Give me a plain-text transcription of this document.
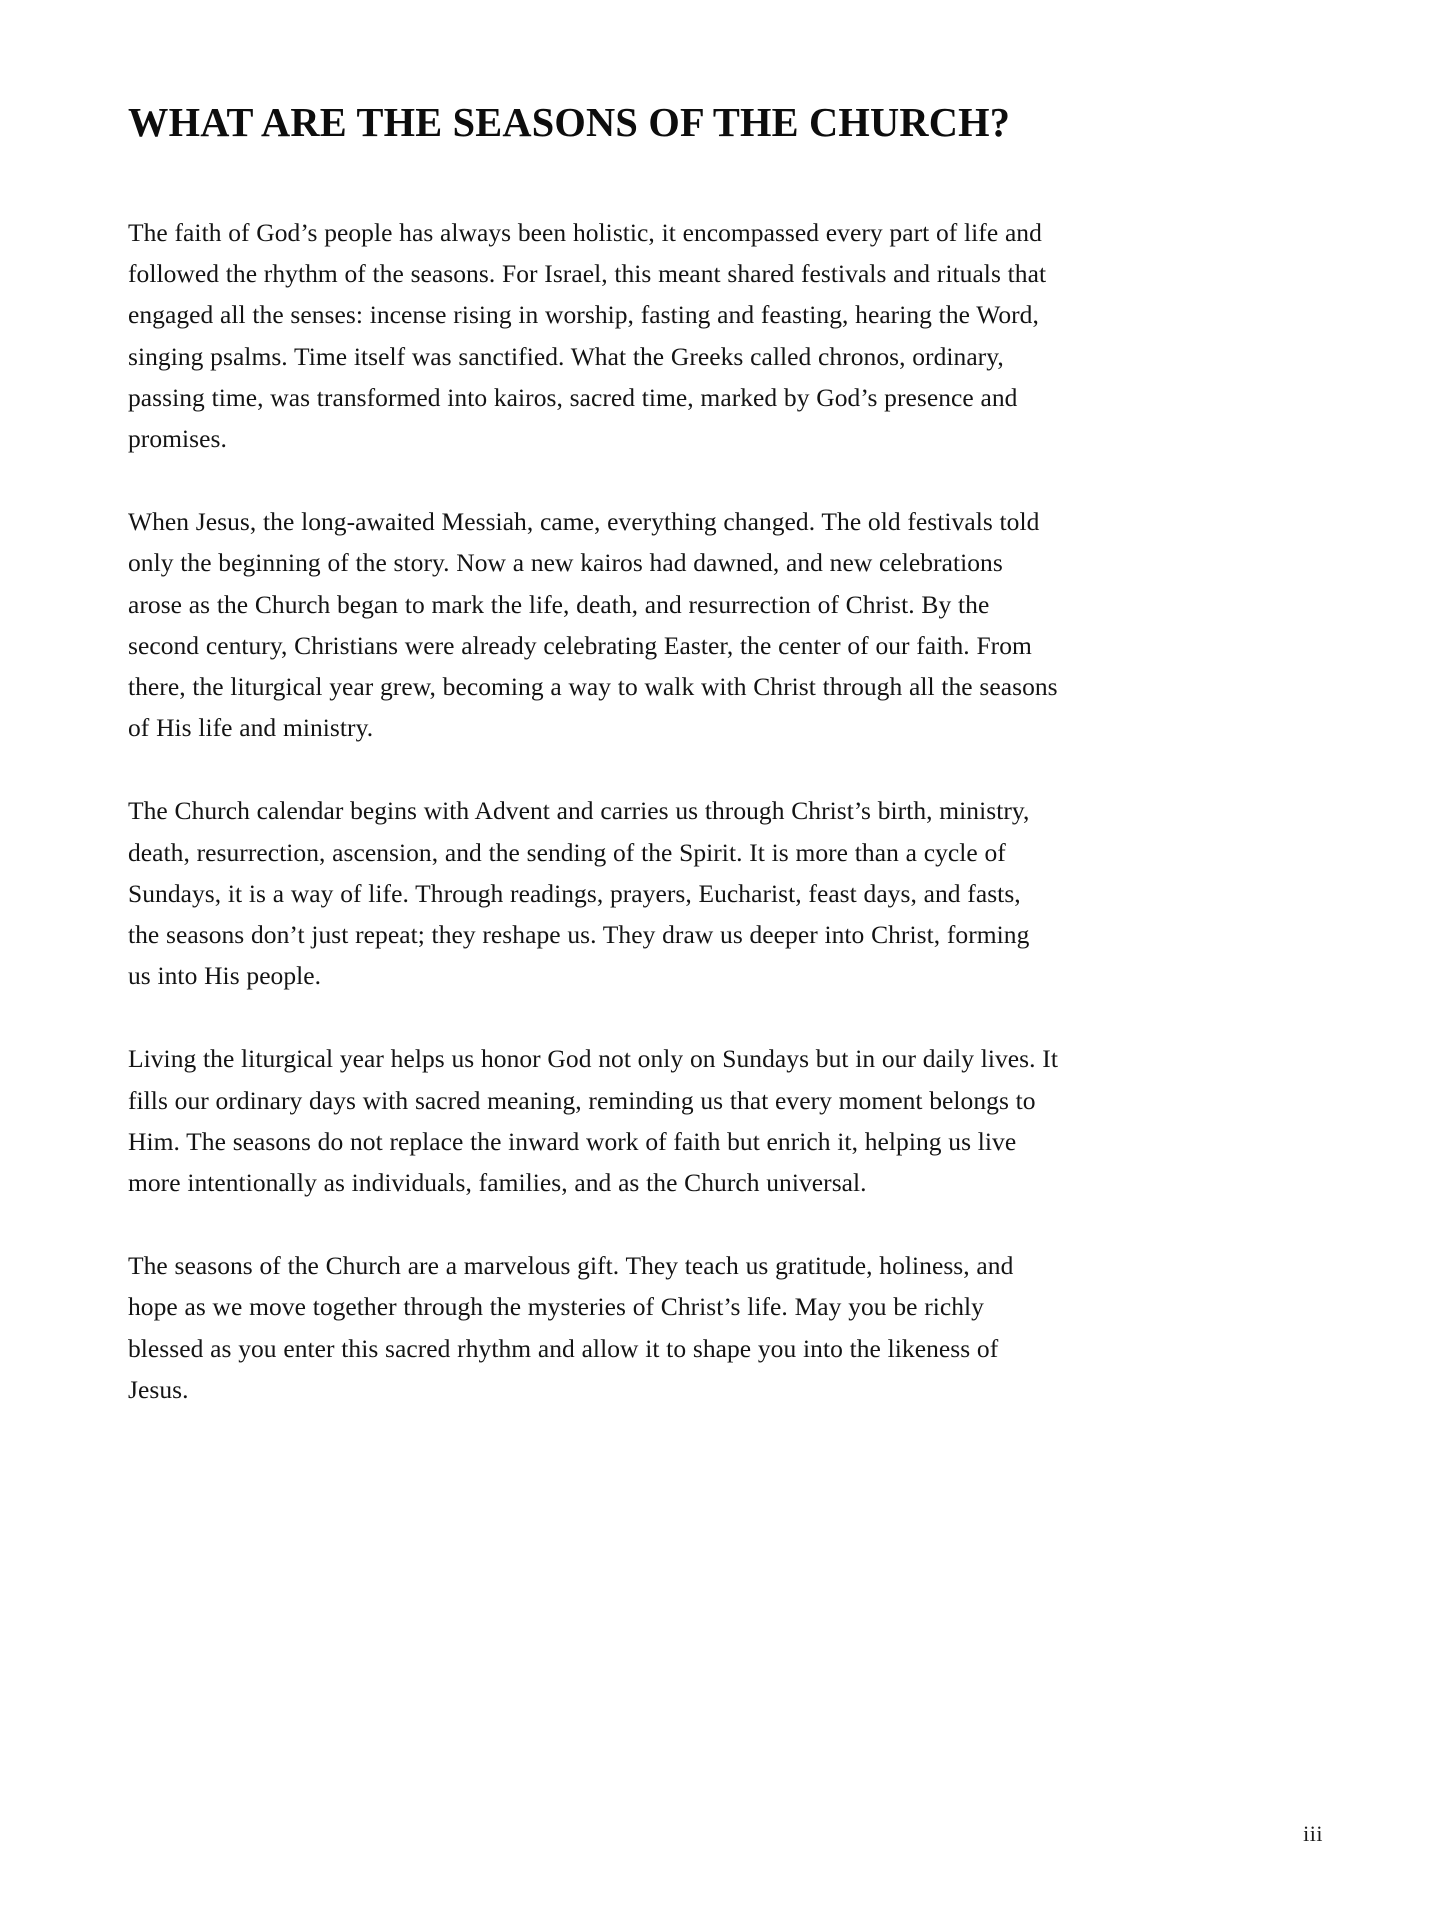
WHAT ARE THE SEASONS OF THE CHURCH?

The faith of God’s people has always been holistic, it encompassed every part of life and followed the rhythm of the seasons. For Israel, this meant shared festivals and rituals that engaged all the senses: incense rising in worship, fasting and feasting, hearing the Word, singing psalms. Time itself was sanctified. What the Greeks called chronos, ordinary, passing time, was transformed into kairos, sacred time, marked by God’s presence and promises.

When Jesus, the long-awaited Messiah, came, everything changed. The old festivals told only the beginning of the story. Now a new kairos had dawned, and new celebrations arose as the Church began to mark the life, death, and resurrection of Christ. By the second century, Christians were already celebrating Easter, the center of our faith. From there, the liturgical year grew, becoming a way to walk with Christ through all the seasons of His life and ministry.

The Church calendar begins with Advent and carries us through Christ’s birth, ministry, death, resurrection, ascension, and the sending of the Spirit. It is more than a cycle of Sundays, it is a way of life. Through readings, prayers, Eucharist, feast days, and fasts, the seasons don’t just repeat; they reshape us. They draw us deeper into Christ, forming us into His people.

Living the liturgical year helps us honor God not only on Sundays but in our daily lives. It fills our ordinary days with sacred meaning, reminding us that every moment belongs to Him. The seasons do not replace the inward work of faith but enrich it, helping us live more intentionally as individuals, families, and as the Church universal.

The seasons of the Church are a marvelous gift. They teach us gratitude, holiness, and hope as we move together through the mysteries of Christ’s life. May you be richly blessed as you enter this sacred rhythm and allow it to shape you into the likeness of Jesus.

iii
